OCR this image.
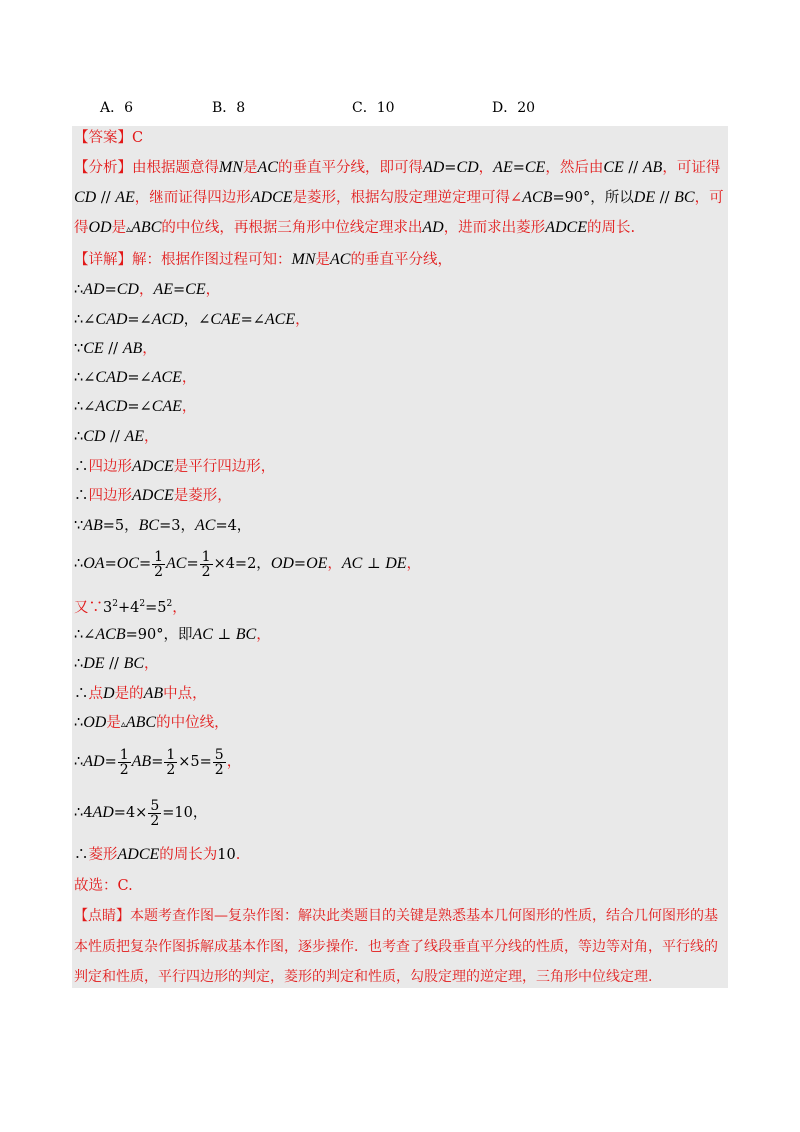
A．6	B．8	C．10	D．20
【答案】C
【分析】由根据题意得MN是AC的垂直平分线，即可得AD=CD，AE=CE，然后由CE // AB，可证得
CD // AE，继而证得四边形ADCE是菱形，根据勾股定理逆定理可得∠ACB=90°，所以DE // BC，可
得OD是▵ABC的中位线，再根据三角形中位线定理求出AD，进而求出菱形ADCE的周长.
【详解】解：根据作图过程可知：MN是AC的垂直平分线，
∴AD=CD，AE=CE，
∴∠CAD=∠ACD，∠CAE=∠ACE，
∵CE // AB，
∴∠CAD=∠ACE，
∴∠ACD=∠CAE，
∴CD // AE，
∴四边形ADCE是平行四边形，
∴四边形ADCE是菱形，
∵AB=5，BC=3，AC=4，
∴OA=OC= $\frac{1}{2} AC= \frac{1}{2} \times 4=2$，OD=OE，AC ⊥ DE，
又$\because 3^2+4^2=5^2$，
∴∠ACB=90°，即AC ⊥ BC，
∴DE // BC，
∴点D是的AB中点，
∴OD是▵ABC的中位线，
∴AD= $\frac{1}{2} AB= \frac{1}{2} \times 5= \frac{5}{2}$ ，
∴4AD=4× $\frac{5}{2} =10$，
∴菱形ADCE的周长为10.
故选：C.
【点睛】本题考查作图—复杂作图：解决此类题目的关键是熟悉基本几何图形的性质，结合几何图形的基
本性质把复杂作图拆解成基本作图，逐步操作．也考查了线段垂直平分线的性质，等边等对角，平行线的
判定和性质，平行四边形的判定，菱形的判定和性质，勾股定理的逆定理，三角形中位线定理.
